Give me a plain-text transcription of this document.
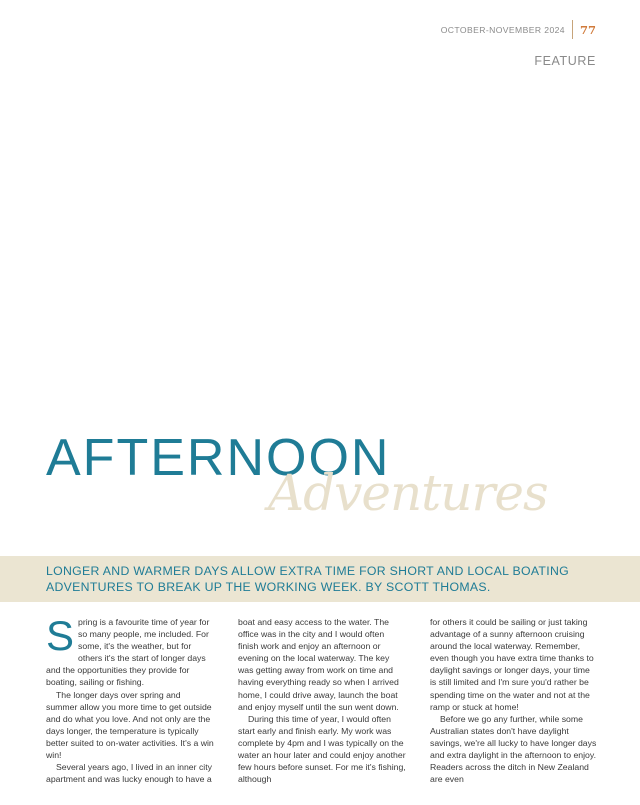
OCTOBER-NOVEMBER 2024 77
FEATURE
AFTERNOON
Adventures

LONGER AND WARMER DAYS ALLOW EXTRA TIME FOR SHORT AND LOCAL BOATING ADVENTURES TO BREAK UP THE WORKING WEEK. BY SCOTT THOMAS.

Spring is a favourite time of year for so many people, me included. For some, it's the weather, but for others it's the start of longer days and the opportunities they provide for boating, sailing or fishing.

The longer days over spring and summer allow you more time to get outside and do what you love. And not only are the days longer, the temperature is typically better suited to on-water activities. It's a win win!

Several years ago, I lived in an inner city apartment and was lucky enough to have a

boat and easy access to the water. The office was in the city and I would often finish work and enjoy an afternoon or evening on the local waterway. The key was getting away from work on time and having everything ready so when I arrived home, I could drive away, launch the boat and enjoy myself until the sun went down.

During this time of year, I would often start early and finish early. My work was complete by 4pm and I was typically on the water an hour later and could enjoy another few hours before sunset. For me it's fishing, although

for others it could be sailing or just taking advantage of a sunny afternoon cruising around the local waterway. Remember, even though you have extra time thanks to daylight savings or longer days, your time is still limited and I'm sure you'd rather be spending time on the water and not at the ramp or stuck at home!

Before we go any further, while some Australian states don't have daylight savings, we're all lucky to have longer days and extra daylight in the afternoon to enjoy. Readers across the ditch in New Zealand are even
